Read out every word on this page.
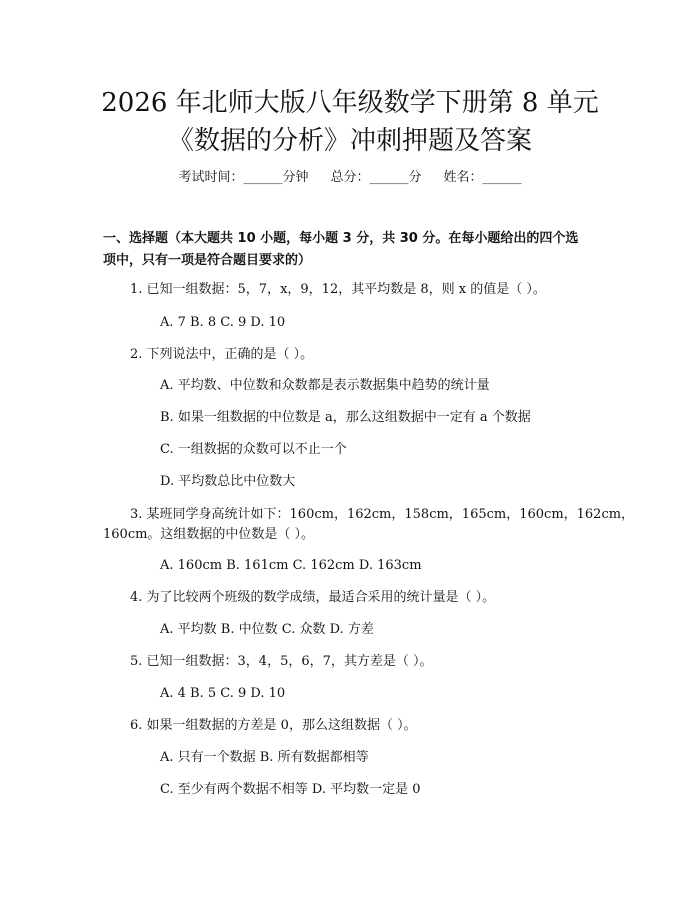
2026 年北师大版八年级数学下册第 8 单元
《数据的分析》冲刺押题及答案
考试时间：______分钟 总分：______分 姓名：______
一、选择题（本大题共 10 小题，每小题 3 分，共 30 分。在每小题给出的四个选
项中，只有一项是符合题目要求的）
1. 已知一组数据：5，7，x，9，12，其平均数是 8，则 x 的值是（ ）。
A. 7 B. 8 C. 9 D. 10
2. 下列说法中，正确的是（ ）。
A. 平均数、中位数和众数都是表示数据集中趋势的统计量
B. 如果一组数据的中位数是 a，那么这组数据中一定有 a 个数据
C. 一组数据的众数可以不止一个
D. 平均数总比中位数大
3. 某班同学身高统计如下：160cm，162cm，158cm，165cm，160cm，162cm，
160cm。这组数据的中位数是（ ）。
A. 160cm B. 161cm C. 162cm D. 163cm
4. 为了比较两个班级的数学成绩，最适合采用的统计量是（ ）。
A. 平均数 B. 中位数 C. 众数 D. 方差
5. 已知一组数据：3，4，5，6，7，其方差是（ ）。
A. 4 B. 5 C. 9 D. 10
6. 如果一组数据的方差是 0，那么这组数据（ ）。
A. 只有一个数据 B. 所有数据都相等
C. 至少有两个数据不相等 D. 平均数一定是 0
